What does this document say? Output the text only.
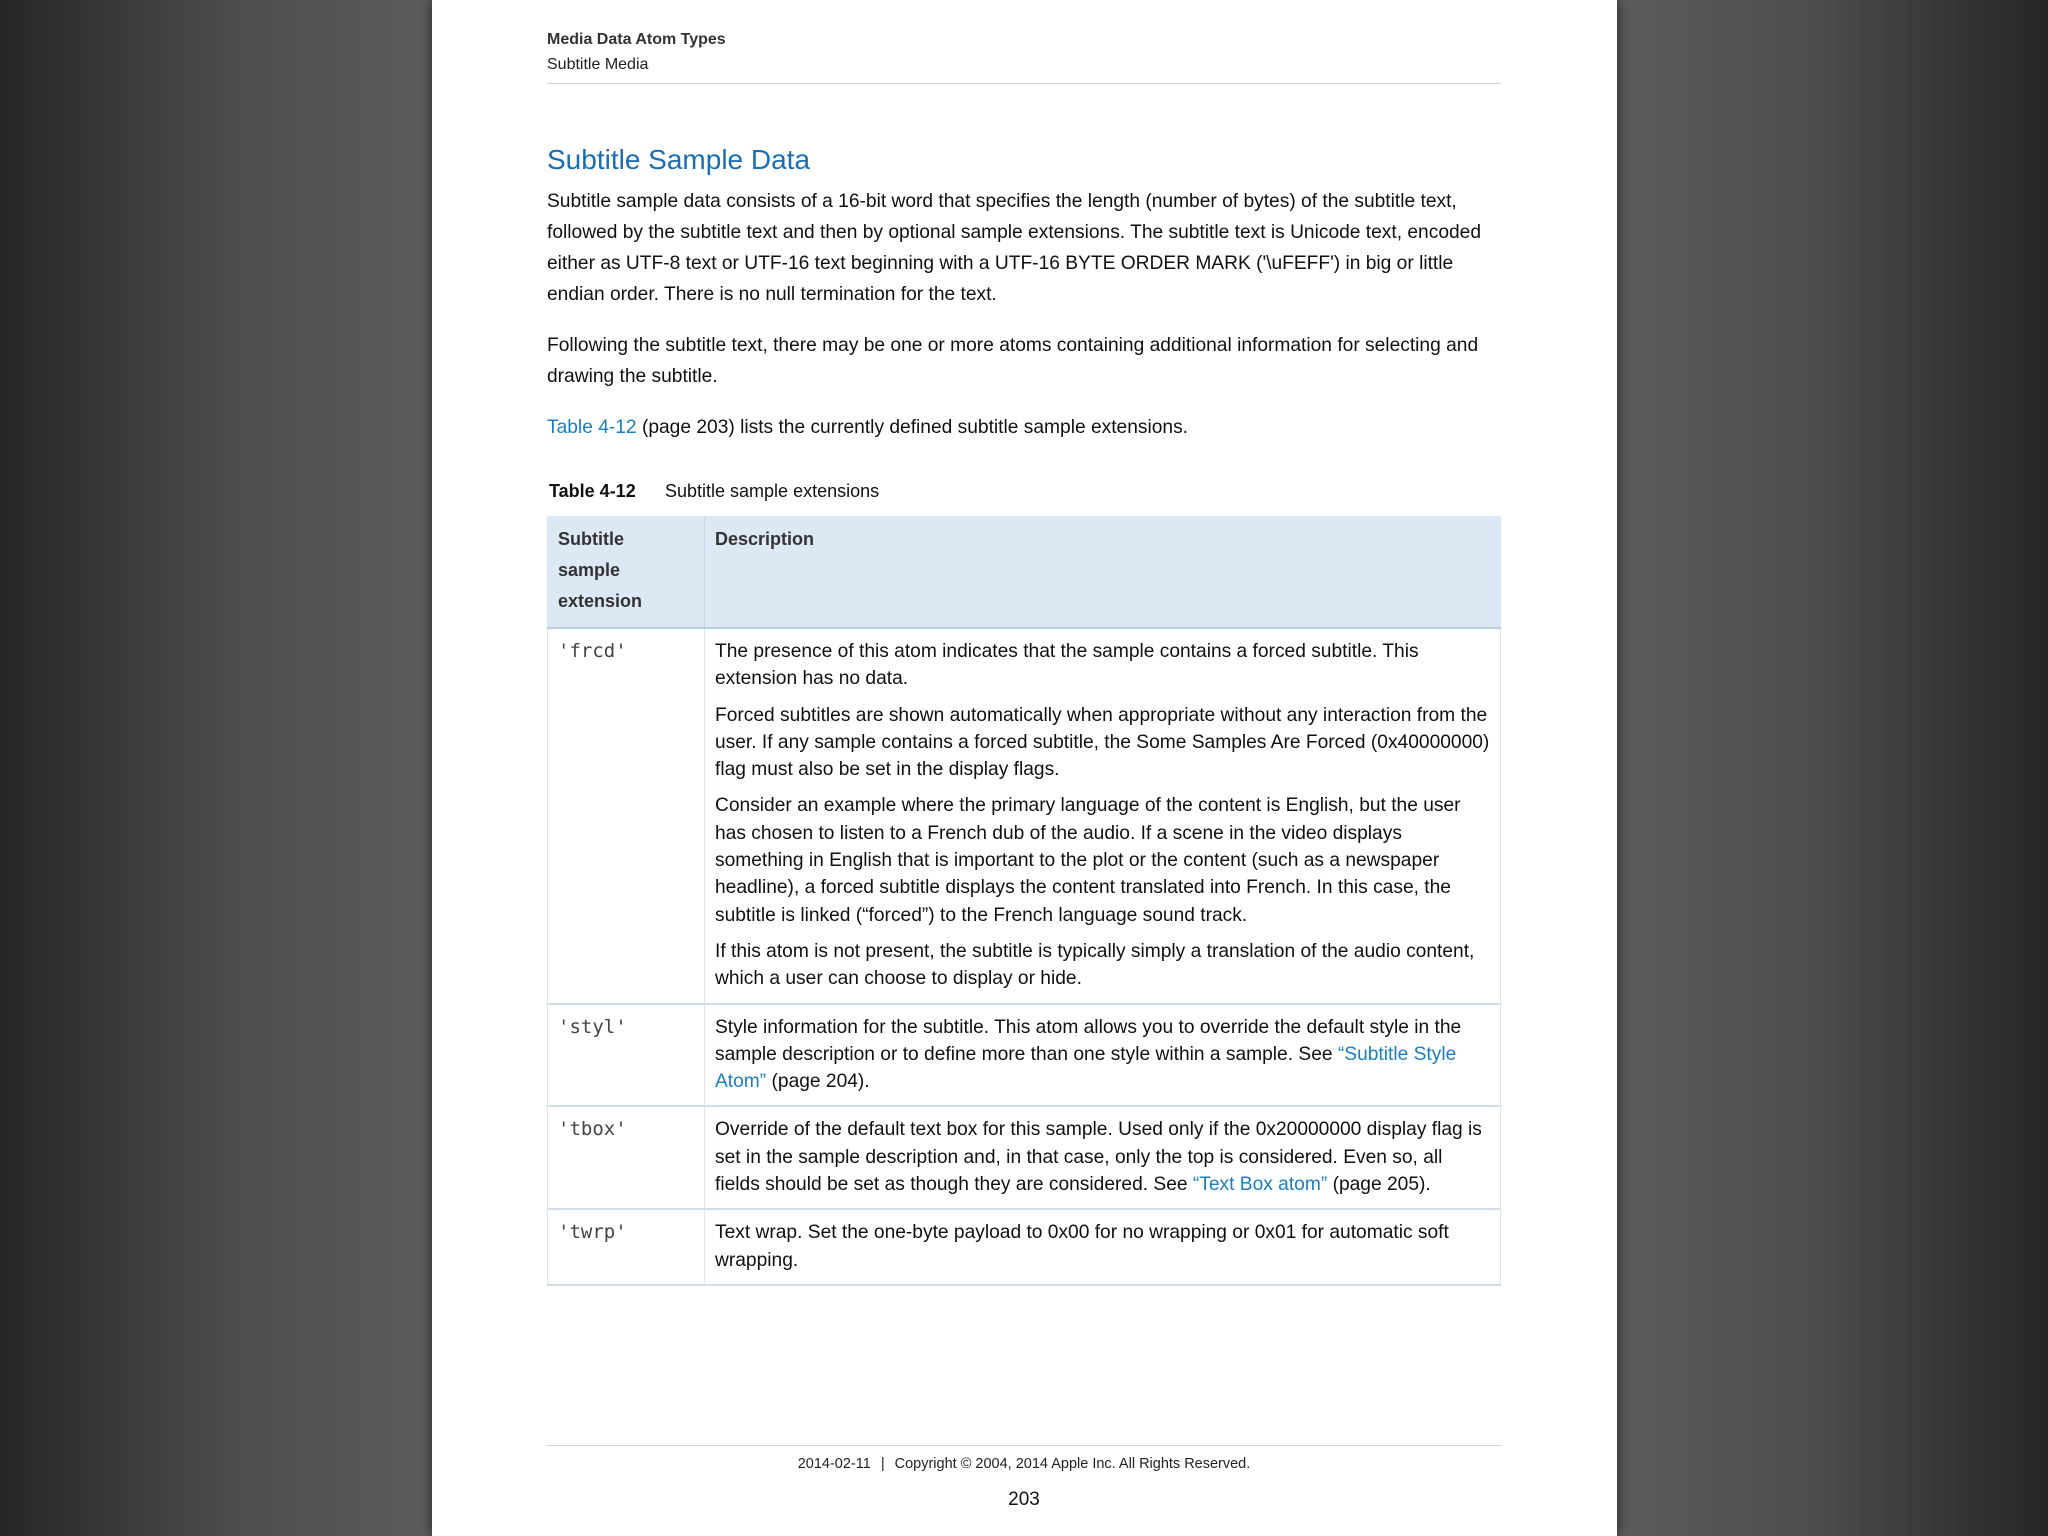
Media Data Atom Types
Subtitle Media
Subtitle Sample Data

Subtitle sample data consists of a 16-bit word that specifies the length (number of bytes) of the subtitle text, followed by the subtitle text and then by optional sample extensions. The subtitle text is Unicode text, encoded either as UTF-8 text or UTF-16 text beginning with a UTF-16 BYTE ORDER MARK ('\uFEFF') in big or little endian order. There is no null termination for the text.

Following the subtitle text, there may be one or more atoms containing additional information for selecting and drawing the subtitle.

Table 4-12 (page 203) lists the currently defined subtitle sample extensions.

Table 4-12 Subtitle sample extensions
Subtitle
sample
extension	Description
'frcd'	The presence of this atom indicates that the sample contains a forced subtitle. This extension has no data.

Forced subtitles are shown automatically when appropriate without any interaction from the user. If any sample contains a forced subtitle, the Some Samples Are Forced (0x40000000) flag must also be set in the display flags.

Consider an example where the primary language of the content is English, but the user has chosen to listen to a French dub of the audio. If a scene in the video displays something in English that is important to the plot or the content (such as a newspaper headline), a forced subtitle displays the content translated into French. In this case, the subtitle is linked (“forced”) to the French language sound track.

If this atom is not present, the subtitle is typically simply a translation of the audio content, which a user can choose to display or hide.

'styl'	Style information for the subtitle. This atom allows you to override the default style in the sample description or to define more than one style within a sample. See “Subtitle Style Atom” (page 204).

'tbox'	Override of the default text box for this sample. Used only if the 0x20000000 display flag is set in the sample description and, in that case, only the top is considered. Even so, all fields should be set as though they are considered. See “Text Box atom” (page 205).

'twrp'	Text wrap. Set the one-byte payload to 0x00 for no wrapping or 0x01 for automatic soft wrapping.

2014-02-11 | Copyright © 2004, 2014 Apple Inc. All Rights Reserved.
203
